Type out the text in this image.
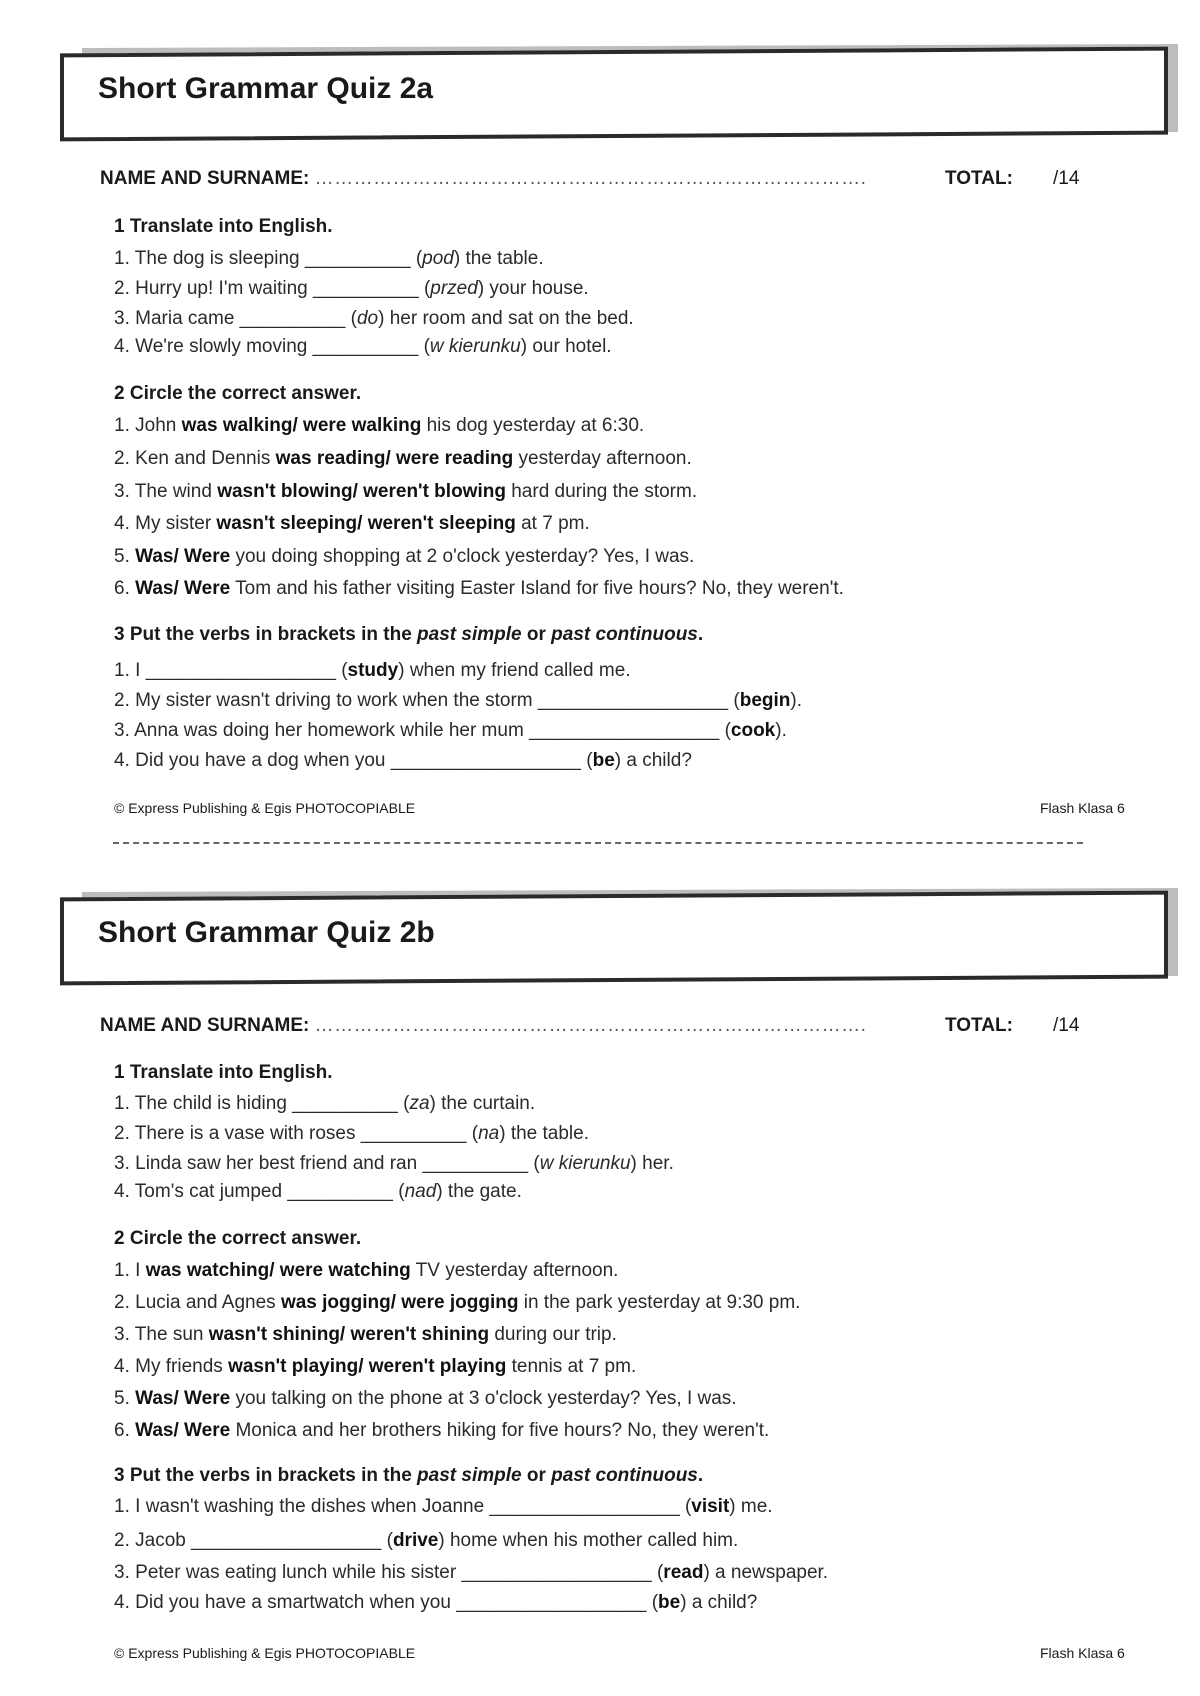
Short Grammar Quiz 2a
NAME AND SURNAME: ………………………………………………………………………….	TOTAL: /14
1 Translate into English.
1. The dog is sleeping __________ (pod) the table.
2. Hurry up! I'm waiting __________ (przed) your house.
3. Maria came __________ (do) her room and sat on the bed.
4. We're slowly moving __________ (w kierunku) our hotel.
2 Circle the correct answer.
1. John was walking/ were walking his dog yesterday at 6:30.
2. Ken and Dennis was reading/ were reading yesterday afternoon.
3. The wind wasn't blowing/ weren't blowing hard during the storm.
4. My sister wasn't sleeping/ weren't sleeping at 7 pm.
5. Was/ Were you doing shopping at 2 o'clock yesterday? Yes, I was.
6. Was/ Were Tom and his father visiting Easter Island for five hours? No, they weren't.
3 Put the verbs in brackets in the past simple or past continuous.
1. I __________________ (study) when my friend called me.
2. My sister wasn't driving to work when the storm __________________ (begin).
3. Anna was doing her homework while her mum __________________ (cook).
4. Did you have a dog when you __________________ (be) a child?
© Express Publishing & Egis PHOTOCOPIABLE	Flash Klasa 6
Short Grammar Quiz 2b
NAME AND SURNAME: ………………………………………………………………………….	TOTAL: /14
1 Translate into English.
1. The child is hiding __________ (za) the curtain.
2. There is a vase with roses __________ (na) the table.
3. Linda saw her best friend and ran __________ (w kierunku) her.
4. Tom's cat jumped __________ (nad) the gate.
2 Circle the correct answer.
1. I was watching/ were watching TV yesterday afternoon.
2. Lucia and Agnes was jogging/ were jogging in the park yesterday at 9:30 pm.
3. The sun wasn't shining/ weren't shining during our trip.
4. My friends wasn't playing/ weren't playing tennis at 7 pm.
5. Was/ Were you talking on the phone at 3 o'clock yesterday? Yes, I was.
6. Was/ Were Monica and her brothers hiking for five hours? No, they weren't.
3 Put the verbs in brackets in the past simple or past continuous.
1. I wasn't washing the dishes when Joanne __________________ (visit) me.
2. Jacob __________________ (drive) home when his mother called him.
3. Peter was eating lunch while his sister __________________ (read) a newspaper.
4. Did you have a smartwatch when you __________________ (be) a child?
© Express Publishing & Egis PHOTOCOPIABLE	Flash Klasa 6
